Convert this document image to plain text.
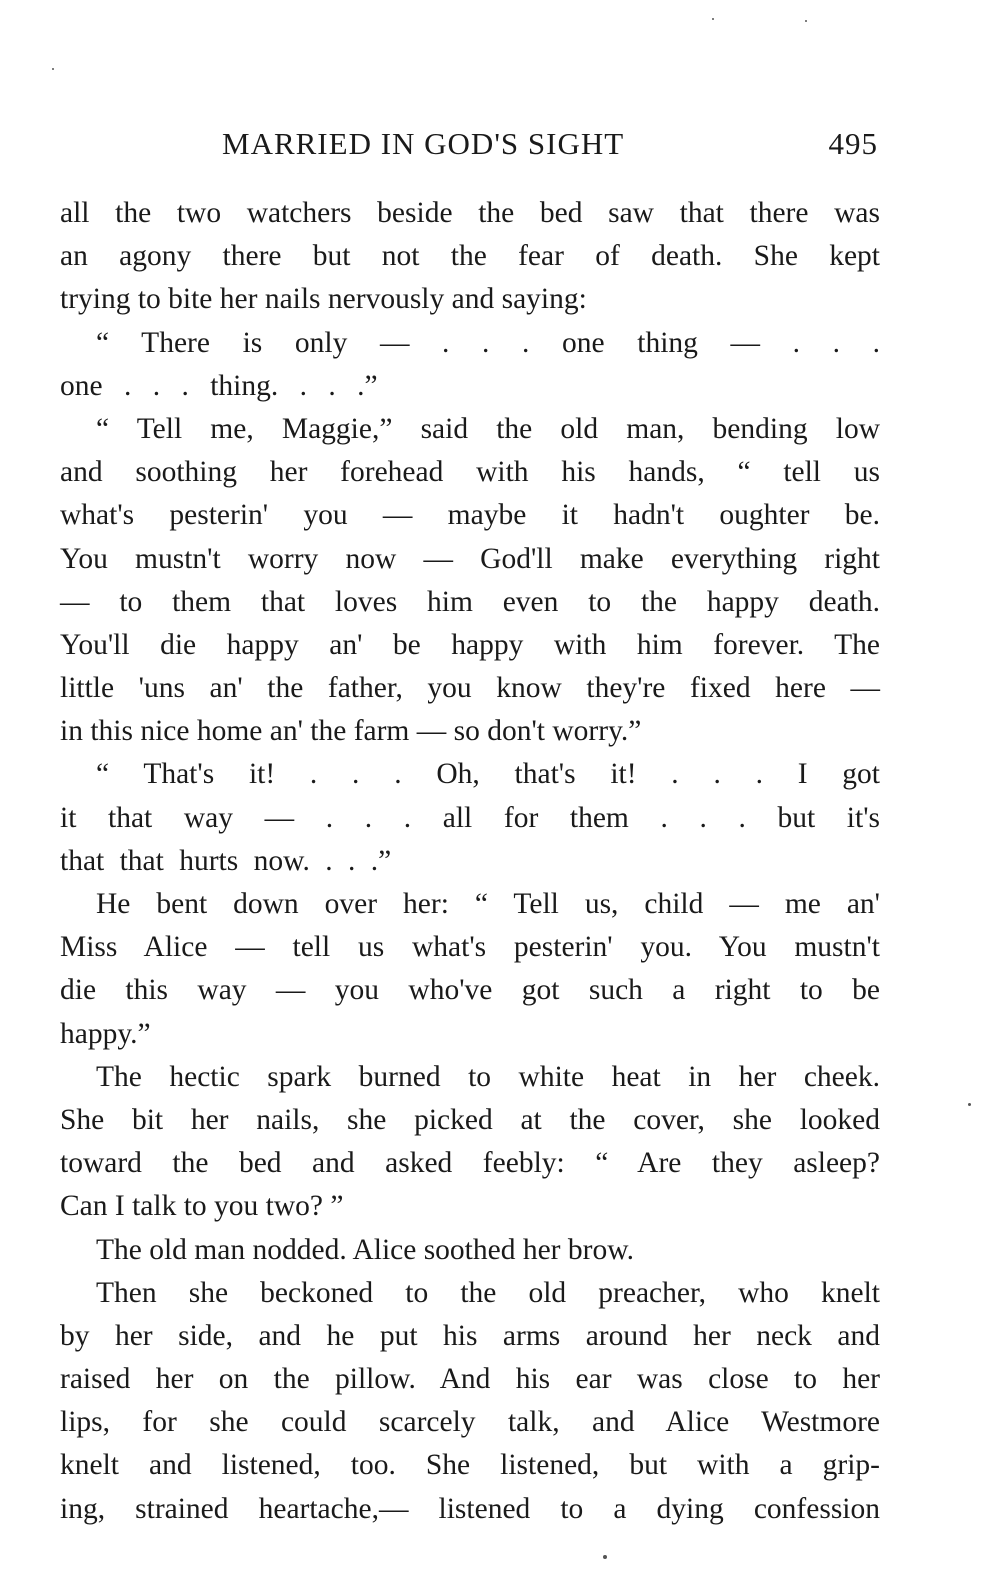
MARRIED IN GOD'S SIGHT	495
all the two watchers beside the bed saw that there was
an agony there but not the fear of death. She kept
trying to bite her nails nervously and saying:
“ There is only — . . . one thing — . . .
one . . . thing. . . .”
“ Tell me, Maggie,” said the old man, bending low
and soothing her forehead with his hands, “ tell us
what's pesterin' you — maybe it hadn't oughter be.
You mustn't worry now — God'll make everything right
— to them that loves him even to the happy death.
You'll die happy an' be happy with him forever. The
little 'uns an' the father, you know they're fixed here —
in this nice home an' the farm — so don't worry.”
“ That's it! . . . Oh, that's it! . . . I got
it that way — . . . all for them . . . but it's
that that hurts now. . . .”
He bent down over her: “ Tell us, child — me an'
Miss Alice — tell us what's pesterin' you. You mustn't
die this way — you who've got such a right to be
happy.”
The hectic spark burned to white heat in her cheek.
She bit her nails, she picked at the cover, she looked
toward the bed and asked feebly: “ Are they asleep?
Can I talk to you two? ”
The old man nodded. Alice soothed her brow.
Then she beckoned to the old preacher, who knelt
by her side, and he put his arms around her neck and
raised her on the pillow. And his ear was close to her
lips, for she could scarcely talk, and Alice Westmore
knelt and listened, too. She listened, but with a grip-
ing, strained heartache,— listened to a dying confession
